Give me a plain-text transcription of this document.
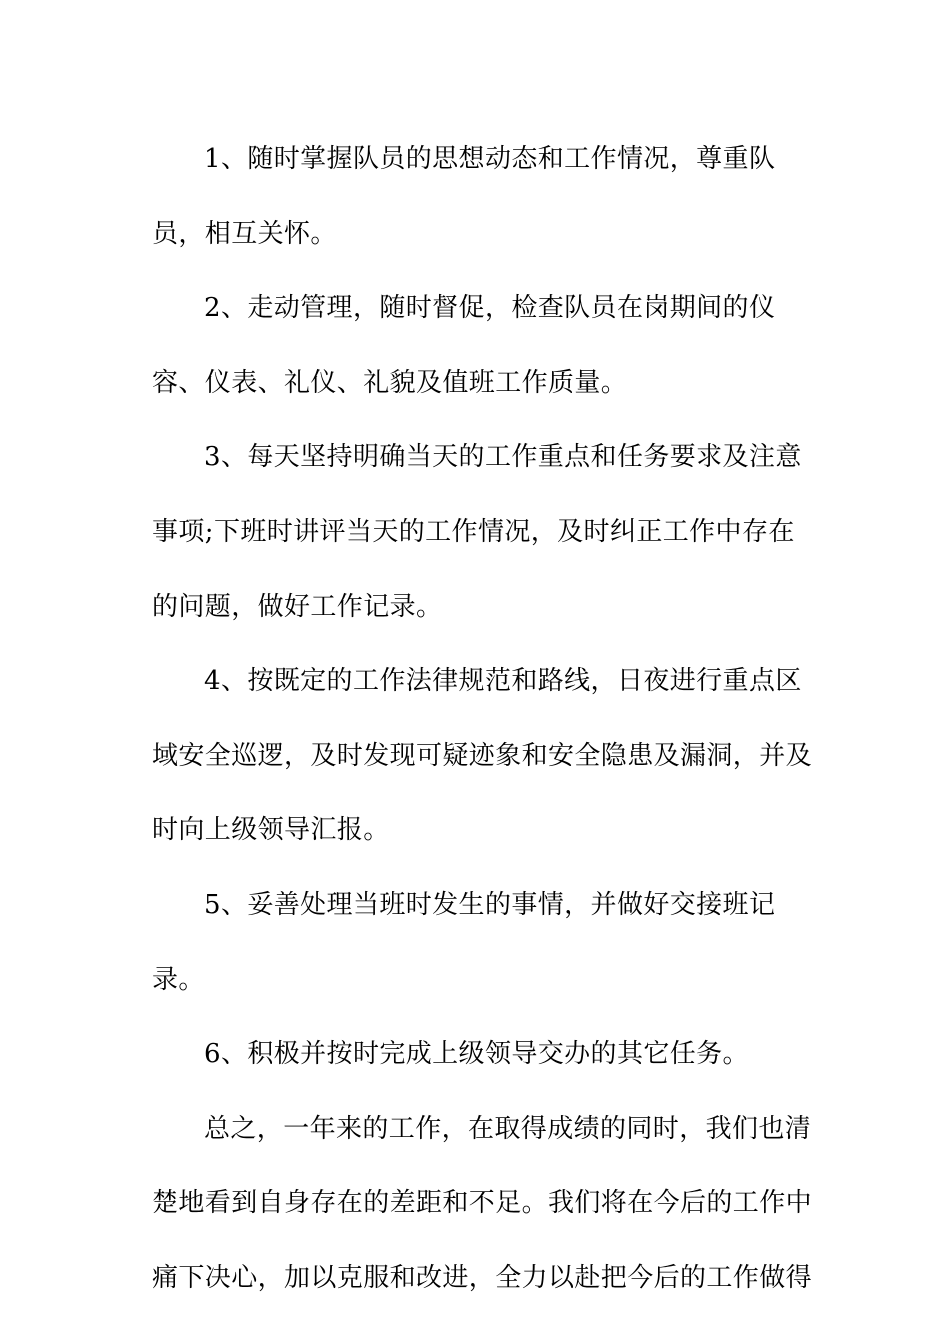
1、随时掌握队员的思想动态和工作情况，尊重队员，相互关怀。

2、走动管理，随时督促，检查队员在岗期间的仪容、仪表、礼仪、礼貌及值班工作质量。

3、每天坚持明确当天的工作重点和任务要求及注意事项;下班时讲评当天的工作情况，及时纠正工作中存在的问题，做好工作记录。

4、按既定的工作法律规范和路线，日夜进行重点区域安全巡逻，及时发现可疑迹象和安全隐患及漏洞，并及时向上级领导汇报。

5、妥善处理当班时发生的事情，并做好交接班记录。

6、积极并按时完成上级领导交办的其它任务。

总之，一年来的工作，在取得成绩的同时，我们也清楚地看到自身存在的差距和不足。我们将在今后的工作中痛下决心，加以克服和改进，全力以赴把今后的工作做得
